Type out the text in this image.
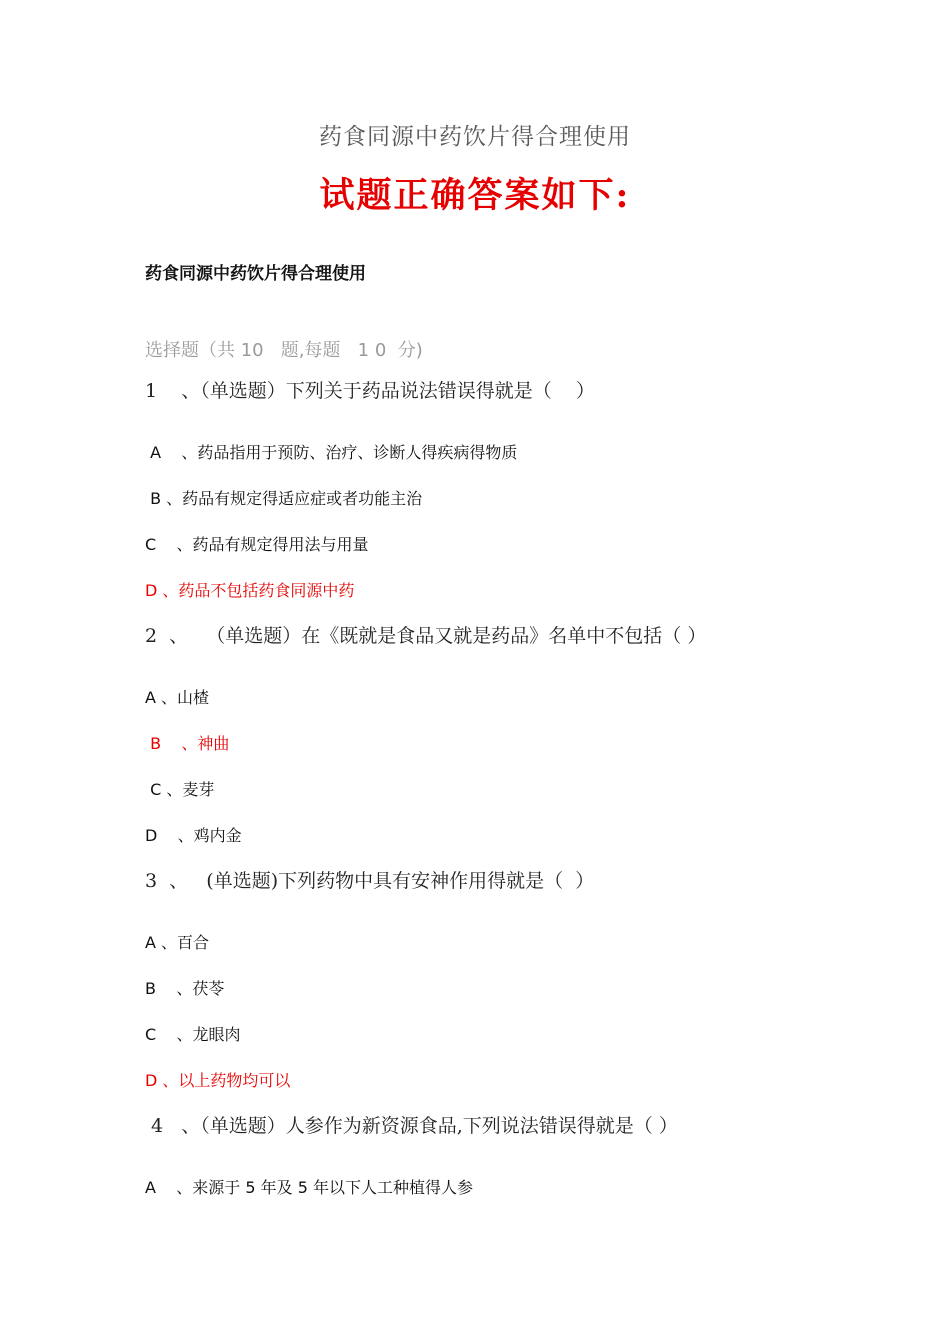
药食同源中药饮片得合理使用
试题正确答案如下:
药食同源中药饮片得合理使用
选择题（共 10   题,每题   1 0  分)
1    、（单选题）下列关于药品说法错误得就是（    ）
A    、药品指用于预防、治疗、诊断人得疾病得物质
B 、药品有规定得适应症或者功能主治
C    、药品有规定得用法与用量
D 、药品不包括药食同源中药
2  、   （单选题）在《既就是食品又就是药品》名单中不包括（ ）
A 、山楂
B    、神曲
C 、麦芽
D    、鸡内金
3  、   (单选题)下列药物中具有安神作用得就是（  ）
A 、百合
B    、茯苓
C    、龙眼肉
D 、以上药物均可以
4   、（单选题）人参作为新资源食品,下列说法错误得就是（ ）
A    、来源于 5 年及 5 年以下人工种植得人参
